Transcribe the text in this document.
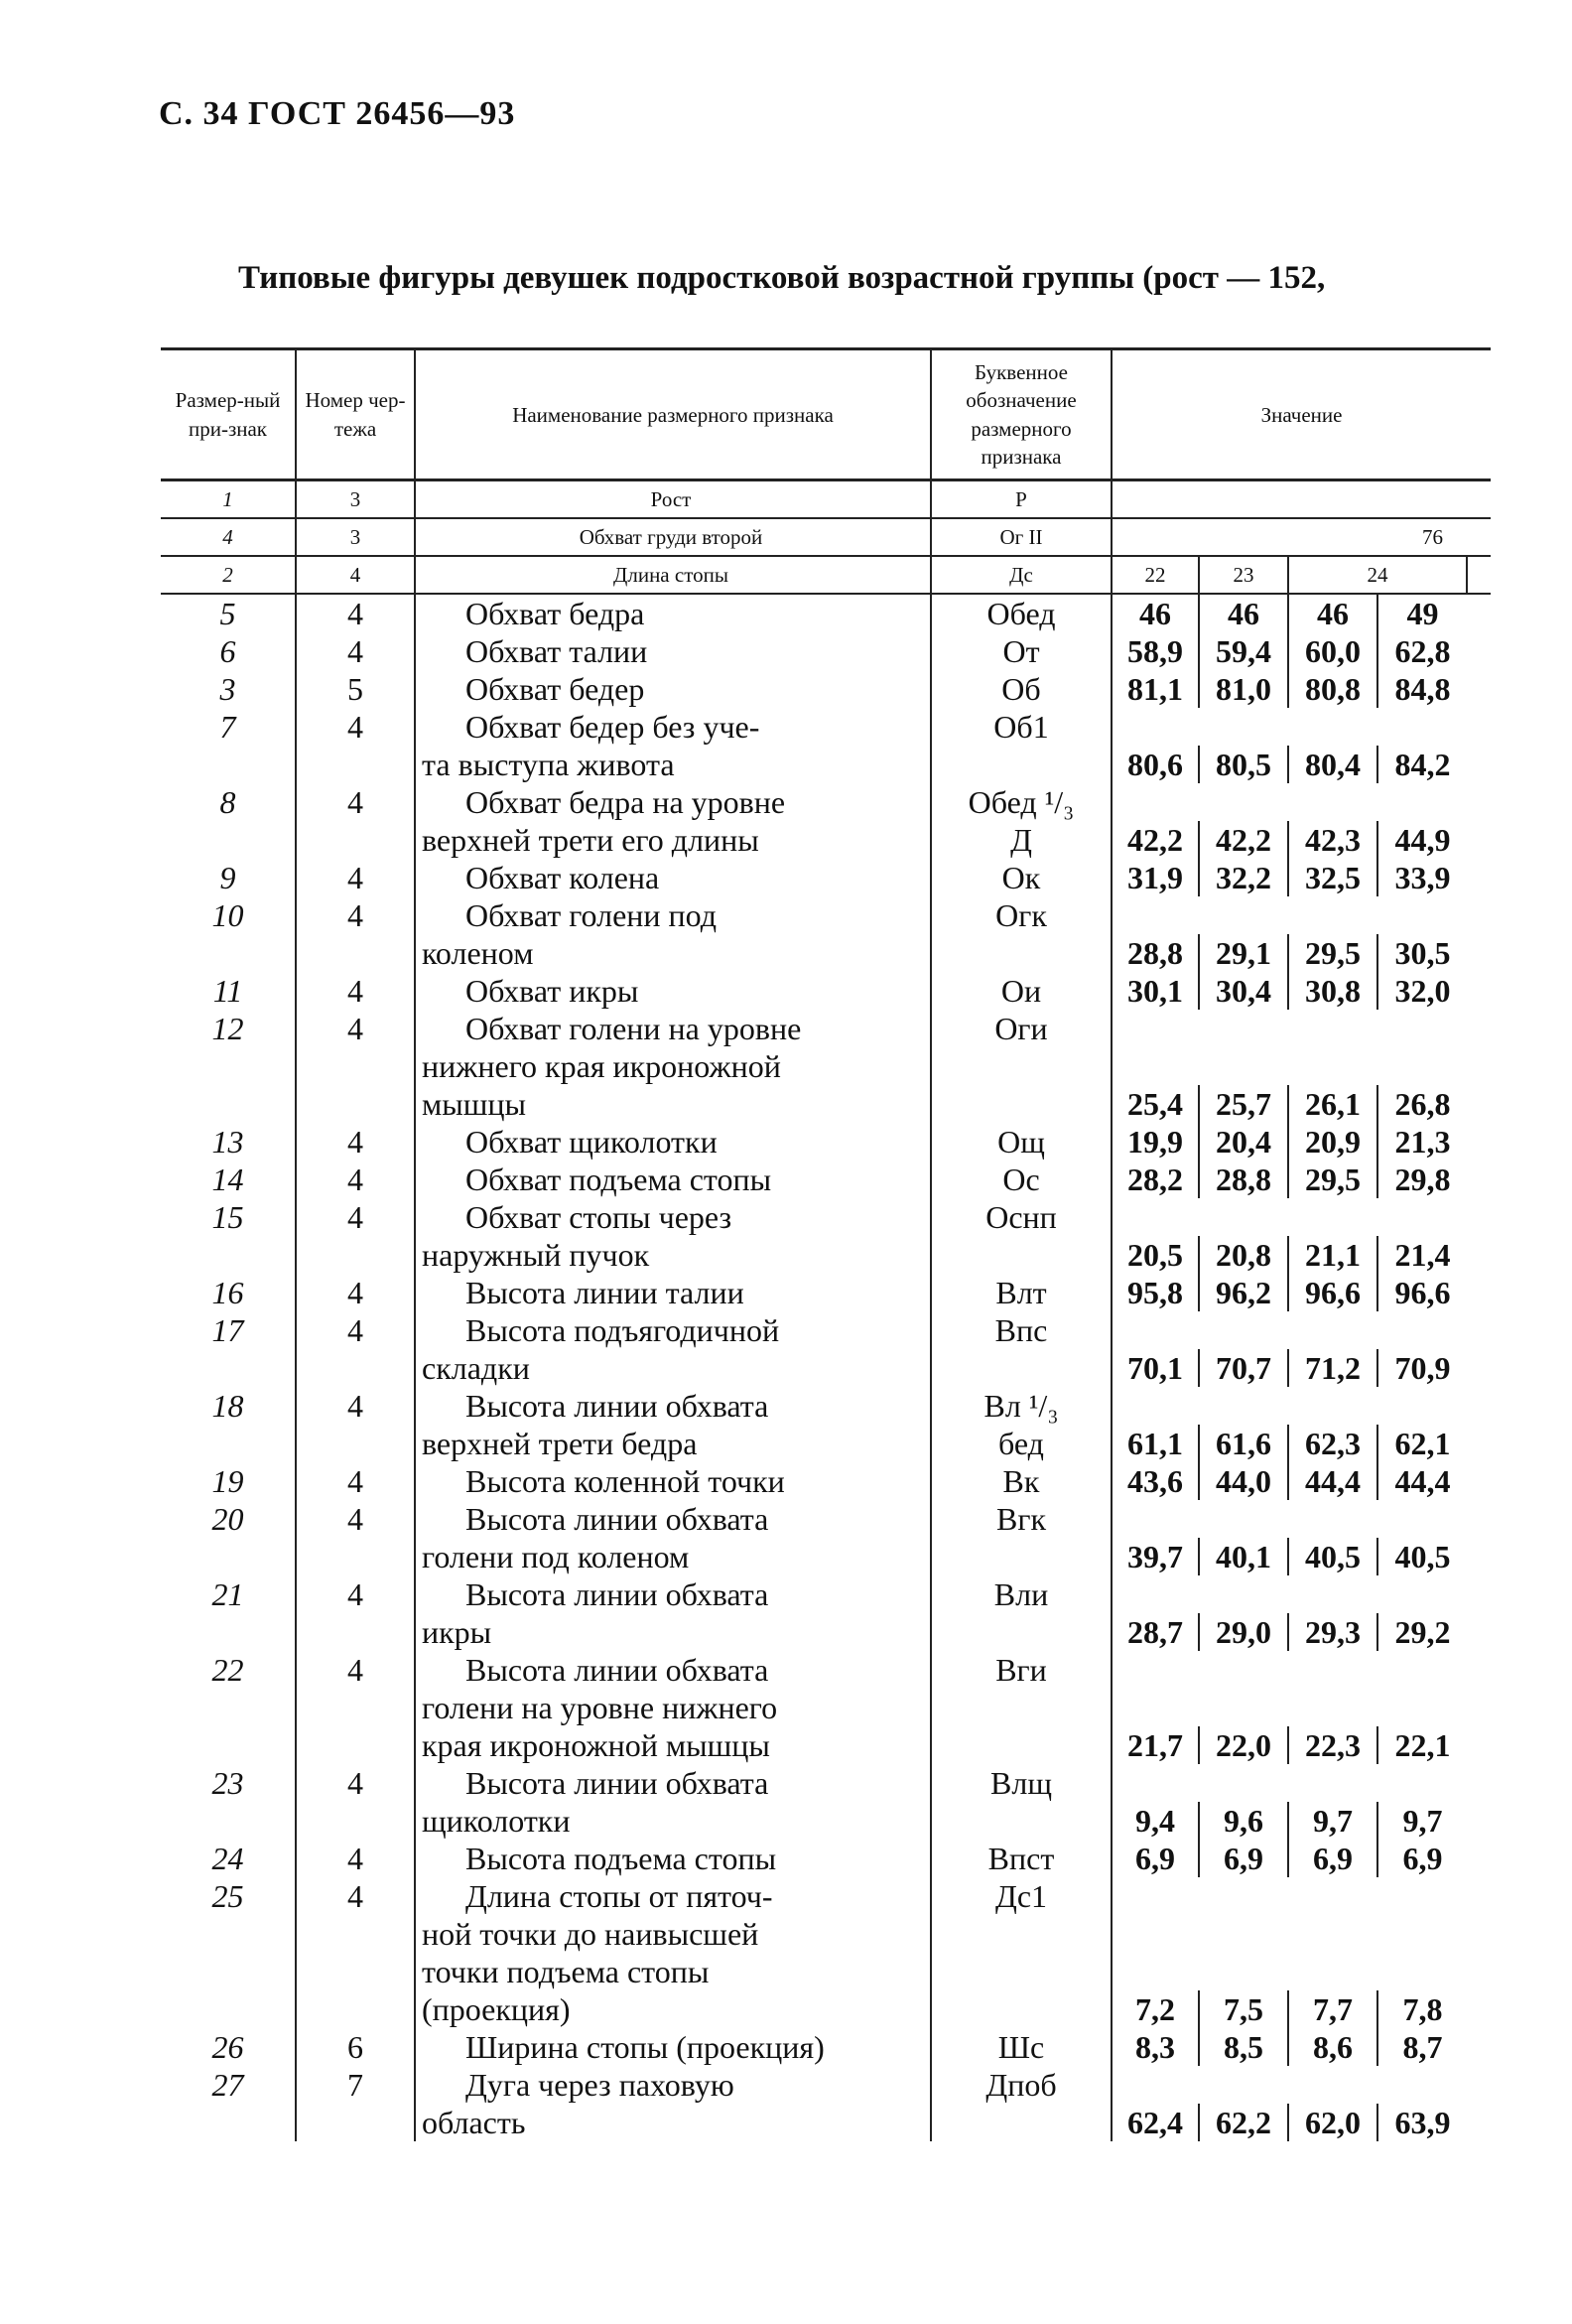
С. 34 ГОСТ 26456—93
Типовые фигуры девушек подростковой возрастной группы (рост — 152,
Размер-ный при-знак	Номер чер-тежа	Наименование размерного признака	Буквенное обозначение размерного признака	Значение				
1	3	Рост	Р					
4	3	Обхват груди второй	Ог II	76				
2	4	Длина стопы	Дс	22	23	24		
5	4	Обхват бедра	Обед	46	46	46	49	
6	4	Обхват талии	От	58,9	59,4	60,0	62,8	
3	5	Обхват бедер	Об	81,1	81,0	80,8	84,8	
7	4	Обхват бедер без уче-	Об1					
		та выступа живота		80,6	80,5	80,4	84,2	
8	4	Обхват бедра на уровне	Обед ¹/₃					
		верхней трети его длины	Д	42,2	42,2	42,3	44,9	
9	4	Обхват колена	Ок	31,9	32,2	32,5	33,9	
10	4	Обхват голени под	Огк					
		коленом		28,8	29,1	29,5	30,5	
11	4	Обхват икры	Ои	30,1	30,4	30,8	32,0	
12	4	Обхват голени на уровне	Оги					
		нижнего края икроножной						
		мышцы		25,4	25,7	26,1	26,8	
13	4	Обхват щиколотки	Ощ	19,9	20,4	20,9	21,3	
14	4	Обхват подъема стопы	Ос	28,2	28,8	29,5	29,8	
15	4	Обхват стопы через	Оснп					
		наружный пучок		20,5	20,8	21,1	21,4	
16	4	Высота линии талии	Влт	95,8	96,2	96,6	96,6	
17	4	Высота подъягодичной	Впс					
		складки		70,1	70,7	71,2	70,9	
18	4	Высота линии обхвата	Вл ¹/₃					
		верхней трети бедра	бед	61,1	61,6	62,3	62,1	
19	4	Высота коленной точки	Вк	43,6	44,0	44,4	44,4	
20	4	Высота линии обхвата	Вгк					
		голени под коленом		39,7	40,1	40,5	40,5	
21	4	Высота линии обхвата	Вли					
		икры		28,7	29,0	29,3	29,2	
22	4	Высота линии обхвата	Вги					
		голени на уровне нижнего						
		края икроножной мышцы		21,7	22,0	22,3	22,1	
23	4	Высота линии обхвата	Влщ					
		щиколотки		9,4	9,6	9,7	9,7	
24	4	Высота подъема стопы	Впст	6,9	6,9	6,9	6,9	
25	4	Длина стопы от пяточ-	Дс1					
		ной точки до наивысшей						
		точки подъема стопы						
		(проекция)		7,2	7,5	7,7	7,8	
26	6	Ширина стопы (проекция)	Шс	8,3	8,5	8,6	8,7	
27	7	Дуга через паховую	Дпоб					
		область		62,4	62,2	62,0	63,9	
